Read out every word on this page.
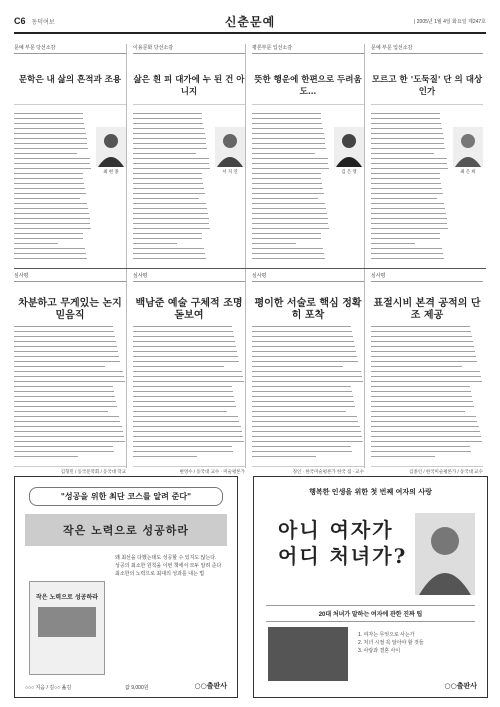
C6 동덕여보	신춘문예	| 2005년 1월 4일 화요일 제247호
문예 부문 당선소감
문학은 내 삶의 흔적과 조용
최 현 종
이용문화 당선소감
삶은 흰 피 대가에 누 된 건 아니지
서 지 연
평론부문 입선소감
뜻한 행운에 한편으로 두려움도…
김 은 영
문예 부문 입선소감
모르고 한 '도둑질' 단 의 대상인가
최 은 희
심사평
차분하고 무게있는 논지 믿음직
김형민 / 동국문학회 / 동국대 학교
심사평
백남준 예술 구체적 조명 돋보여
변영수 / 동국대 교수 · 미술평론가
심사평
평이한 서술로 핵심 정확히 포착
정인 · 한국미술평론가 한국 집 · 교수
심사평
표절시비 본격 공적의 단조 제공
김종인 / 한국미술평론가 / 동국대 교수
"성공을 위한 최단 코스를 알려 준다"
작은 노력으로 성공하라
왜 최선을 다했는데도 성공할 수 있지도 않는다.
성공의 최소한 원칙을 이번 책에서 모두 알려 준다
최소한의 노력으로 최대의 성과를 내는 법
작은 노력으로 성공하라
○○○ 지음 / 김○○ 옮김	값 9,000원	○○출판사
행복한 인생을 위한 첫 번째 여자의 사랑
아니 여자가
어디 처녀가?
20대 처녀가 말하는 여자에 관한 진짜 팁
1. 여자는 무엇으로 사는가
2. 처녀 시절 꼭 알아야 할 것들
3. 사랑과 결혼 사이
○○출판사
